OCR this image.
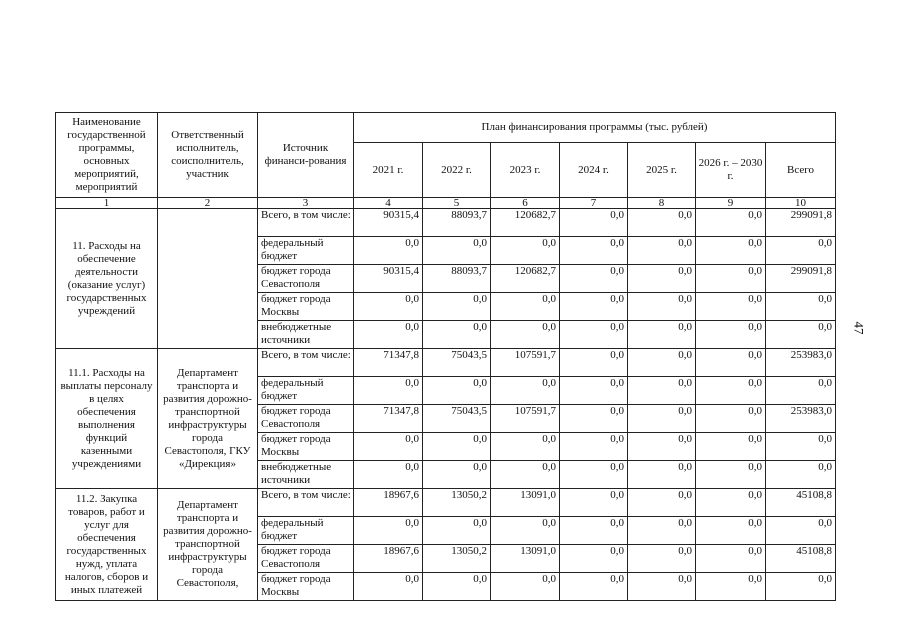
47
Наименование государственной программы, основных мероприятий, мероприятий	Ответственный исполнитель, соисполнитель, участник	Источник финанси-рования	План финансирования программы (тыс. рублей)						
			2021 г.	2022 г.	2023 г.	2024 г.	2025 г.	2026 г. – 2030 г.	Всего
1	2	3	4	5	6	7	8	9	10
11. Расходы на обеспечение деятельности (оказание услуг) государственных учреждений		Всего, в том числе:	90315,4	88093,7	120682,7	0,0	0,0	0,0	299091,8
		федеральный бюджет	0,0	0,0	0,0	0,0	0,0	0,0	0,0
		бюджет города Севастополя	90315,4	88093,7	120682,7	0,0	0,0	0,0	299091,8
		бюджет города Москвы	0,0	0,0	0,0	0,0	0,0	0,0	0,0
		внебюджетные источники	0,0	0,0	0,0	0,0	0,0	0,0	0,0
11.1. Расходы на выплаты персоналу в целях обеспечения выполнения функций казенными учреждениями	Департамент транспорта и развития дорожно-транспортной инфраструктуры города Севастополя, ГКУ «Дирекция»	Всего, в том числе:	71347,8	75043,5	107591,7	0,0	0,0	0,0	253983,0
		федеральный бюджет	0,0	0,0	0,0	0,0	0,0	0,0	0,0
		бюджет города Севастополя	71347,8	75043,5	107591,7	0,0	0,0	0,0	253983,0
		бюджет города Москвы	0,0	0,0	0,0	0,0	0,0	0,0	0,0
		внебюджетные источники	0,0	0,0	0,0	0,0	0,0	0,0	0,0
11.2. Закупка товаров, работ и услуг для обеспечения государственных нужд, уплата налогов, сборов и иных платежей	Департамент транспорта и развития дорожно-транспортной инфраструктуры города Севастополя,	Всего, в том числе:	18967,6	13050,2	13091,0	0,0	0,0	0,0	45108,8
		федеральный бюджет	0,0	0,0	0,0	0,0	0,0	0,0	0,0
		бюджет города Севастополя	18967,6	13050,2	13091,0	0,0	0,0	0,0	45108,8
		бюджет города Москвы	0,0	0,0	0,0	0,0	0,0	0,0	0,0
